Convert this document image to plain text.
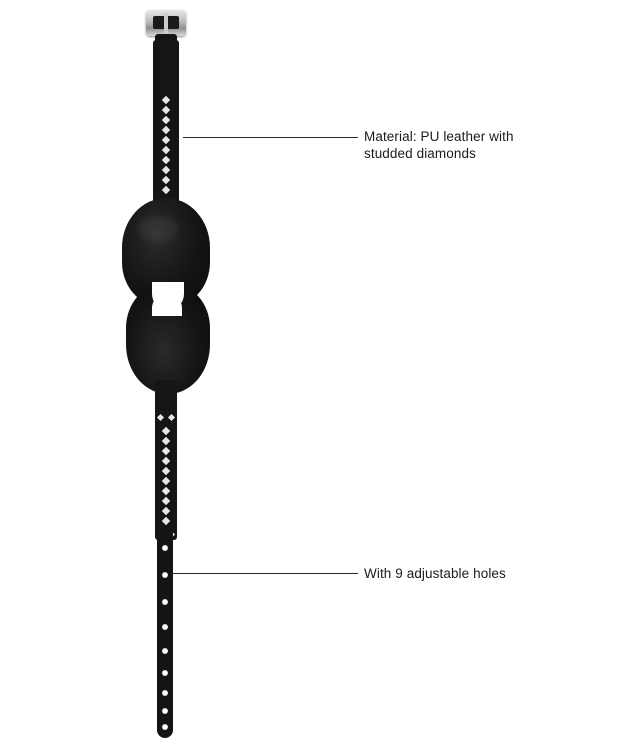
Material: PU leather with
studded diamonds
With 9 adjustable holes
